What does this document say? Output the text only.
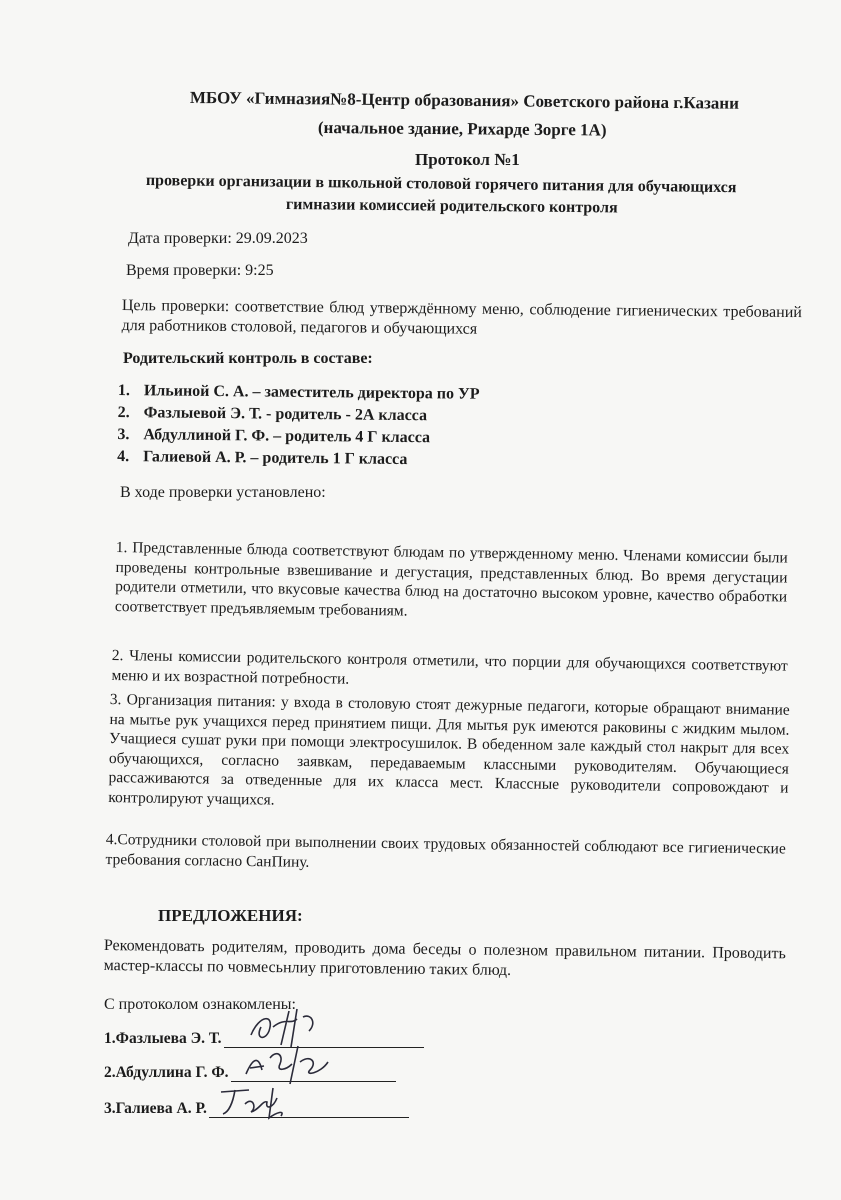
МБОУ «Гимназия№8-Центр образования» Советского района г.Казани
(начальное здание, Рихарде Зорге 1А)
Протокол №1
проверки организации в школьной столовой горячего питания для обучающихся
гимназии комиссией родительского контроля
Дата проверки: 29.09.2023
Время проверки: 9:25
Цель проверки: соответствие блюд утверждённому меню, соблюдение гигиенических требований для работников столовой, педагогов и обучающихся
Родительский контроль в составе:
1. Ильиной С. А. – заместитель директора по УР
2. Фазлыевой Э. Т. - родитель - 2А класса
3. Абдуллиной Г. Ф. – родитель 4 Г класса
4. Галиевой А. Р. – родитель 1 Г класса
В ходе проверки установлено:
1. Представленные блюда соответствуют блюдам по утвержденному меню. Членами комиссии были проведены контрольные взвешивание и дегустация, представленных блюд. Во время дегустации родители отметили, что вкусовые качества блюд на достаточно высоком уровне, качество обработки соответствует предъявляемым требованиям.
2. Члены комиссии родительского контроля отметили, что порции для обучающихся соответствуют меню и их возрастной потребности.
3. Организация питания: у входа в столовую стоят дежурные педагоги, которые обращают внимание на мытье рук учащихся перед принятием пищи. Для мытья рук имеются раковины с жидким мылом. Учащиеся сушат руки при помощи электросушилок. В обеденном зале каждый стол накрыт для всех обучающихся, согласно заявкам, передаваемым классными руководителям. Обучающиеся рассаживаются за отведенные для их класса мест. Классные руководители сопровождают и контролируют учащихся.
4.Сотрудники столовой при выполнении своих трудовых обязанностей соблюдают все гигиенические требования согласно СанПину.
ПРЕДЛОЖЕНИЯ:
Рекомендовать родителям, проводить дома беседы о полезном правильном питании. Проводить мастер-классы по човмесьнлиу приготовлению таких блюд.
С протоколом ознакомлены:
1.Фазлыева Э. Т.
2.Абдуллина Г. Ф.
3.Галиева А. Р.
